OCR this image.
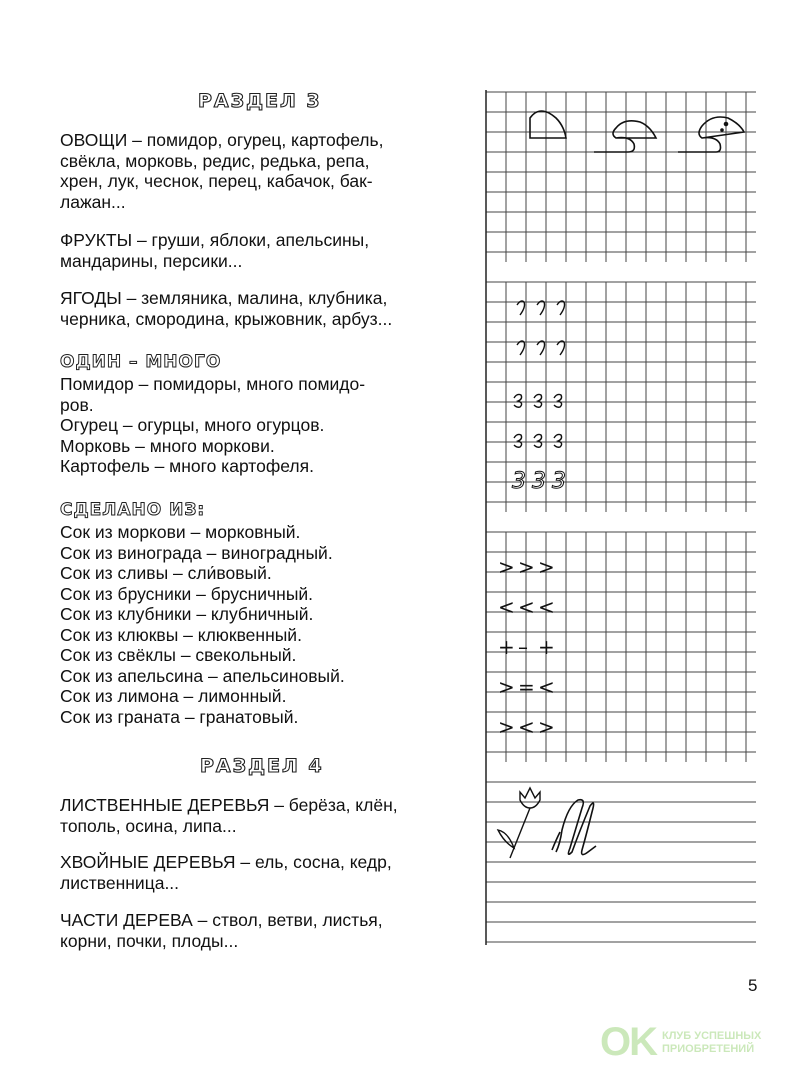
РАЗДЕЛ 3
ОВОЩИ – помидор, огурец, картофель,
свёкла, морковь, редис, редька, репа,
хрен, лук, чеснок, перец, кабачок, бак-
лажан...
ФРУКТЫ – груши, яблоки, апельсины,
мандарины, персики...
ЯГОДЫ – земляника, малина, клубника,
черника, смородина, крыжовник, арбуз...
ОДИН – МНОГО
Помидор – помидоры, много помидо-
ров.
Огурец – огурцы, много огурцов.
Морковь – много моркови.
Картофель – много картофеля.
СДЕЛАНО ИЗ:
Сок из моркови – морковный.
Сок из винограда – виноградный.
Сок из сливы – сли́вовый.
Сок из брусники – брусничный.
Сок из клубники – клубничный.
Сок из клюквы – клюквенный.
Сок из свёклы – свекольный.
Сок из апельсина – апельсиновый.
Сок из лимона – лимонный.
Сок из граната – гранатовый.
РАЗДЕЛ 4
ЛИСТВЕННЫЕ ДЕРЕВЬЯ – берёза, клён,
тополь, осина, липа...
ХВОЙНЫЕ ДЕРЕВЬЯ – ель, сосна, кедр,
лиственница...
ЧАСТИ ДЕРЕВА – ствол, ветви, листья,
корни, почки, плоды...
3 3 3
> > >
< < <
+ – +
> = <
> < >
5
OK КЛУБ УСПЕШНЫХ
ПРИОБРЕТЕНИЙ
